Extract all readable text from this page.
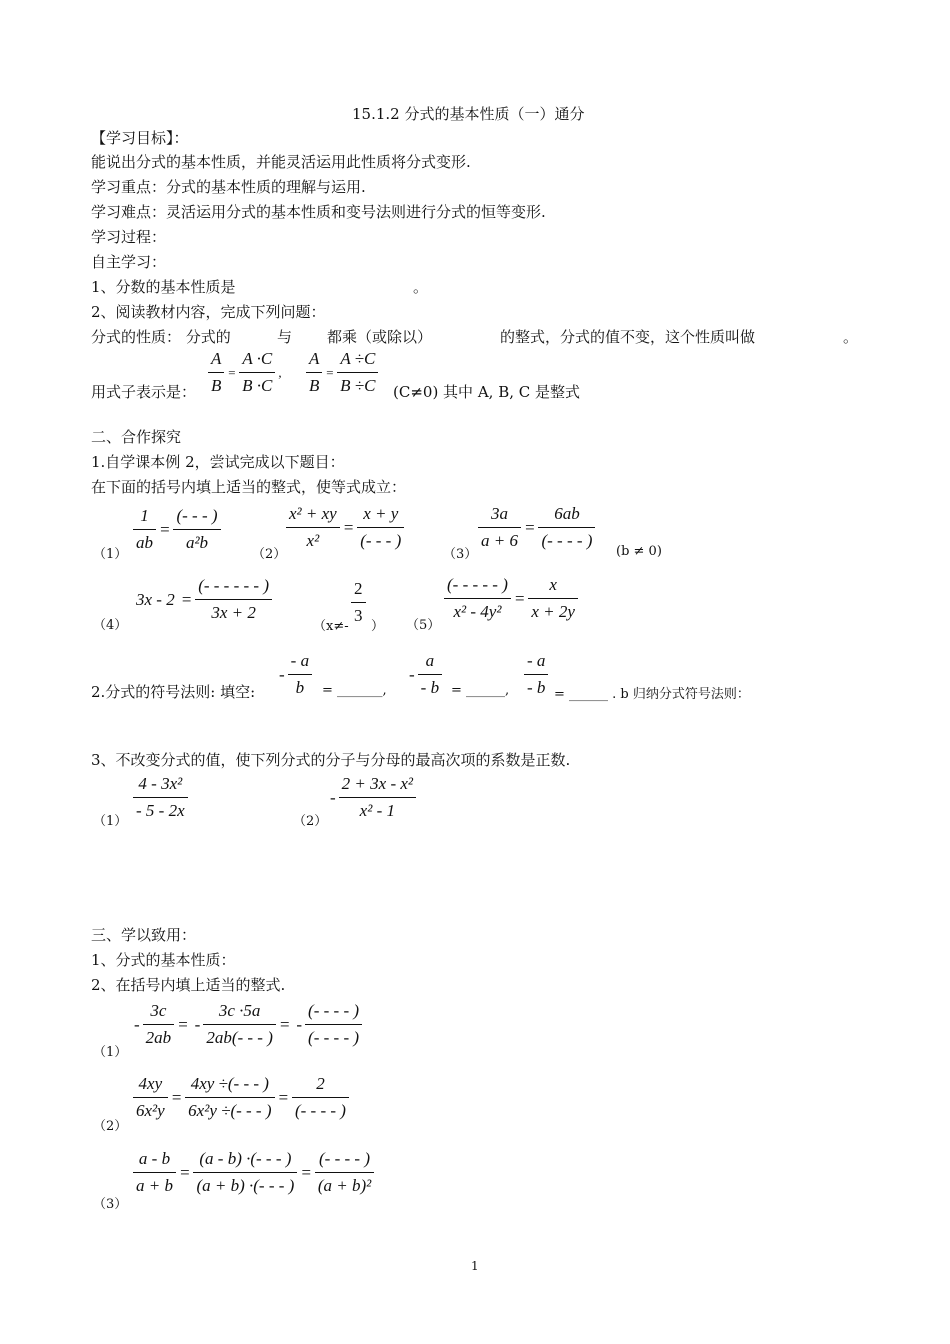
15.1.2 分式的基本性质（一）通分
【学习目标】：
能说出分式的基本性质，并能灵活运用此性质将分式变形.
学习重点：分式的基本性质的理解与运用.
学习难点：灵活运用分式的基本性质和变号法则进行分式的恒等变形.
学习过程：
自主学习：
1、分数的基本性质是	。
2、阅读教材内容，完成下列问题：
分式的性质： 分式的	与 都乘（或除以）	的整式，分式的值不变，这个性质叫做	。
用式子表示是： $\frac{A}{B} = \frac{A \cdot C}{B \cdot C}$ , $\frac{A}{B} = \frac{A \div C}{B \div C} (C\ne 0)$ 其中 A, B, C 是整式
二、合作探究
1.自学课本例 2，尝试完成以下题目：
在下面的括号内填上适当的整式，使等式成立：
（1）
$\frac{1}{ab} = \frac{(- - - )}{\text{a²b}}$
（2）
$\frac{\text{x² + xy}}{\text{x²}} = \frac{x + y}{(- - - )}$
（3）
$\frac{3a}{a + 6} = \frac{6ab}{(- - - - )} (b \ne 0)$
（4）
$3x - 2 = \frac{(- - - - - - )}{3x + 2}$
（$x\ne- \frac{2}{3}$ ） （5）
$\frac{(- - - - - )}{\text{x² - 4y²}} = \frac{x}{x + 2y}$
2.分式的符号法则: 填空:
- $\frac{- a}{b}$ = _______,
- $\frac{a}{- b}$ = ______, $\frac{- a}{- b}$ = ______ . b 归纳分式符号法则：
3、不改变分式的值，使下列分式的分子与分母的最高次项的系数是正数.
$(1) \frac{\text{4 - 3x²}}{- 5 - 2x}$	（2）
- $\frac{\text{2 + 3x - x²}}{\text{x² - 1}}$
三、学以致用：
1、分式的基本性质：
2、在括号内填上适当的整式.
（1）
- $\frac{3c}{2ab}$ = - $\frac{3c \cdot 5a}{2ab(- - - )}$ = - $\frac{(- - - - )}{(- - - - )}$
（2）
$\frac{4xy}{\text{6x²y}} = \frac{4xy \div(- - - )}{\text{6x²y ÷(- - - )}} = \frac{2}{(- - - - )}$
（3）
$\frac{a - b}{a + b} = \frac{(a - b) \cdot(- - - )}{(a + b) \cdot(- - - )} = \frac{(- - - - )}{\text{(a + b)²}}$
1
